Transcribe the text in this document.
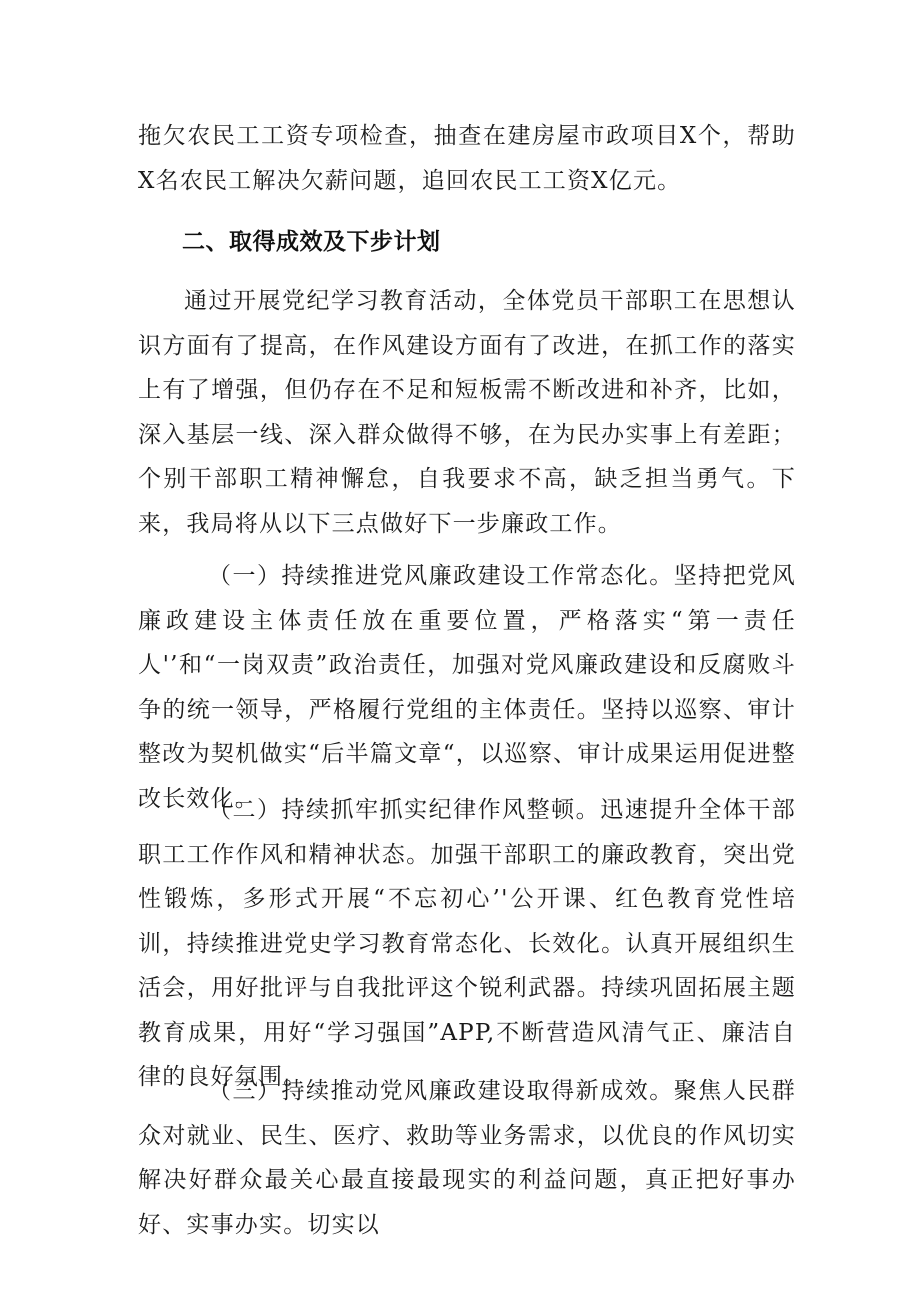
拖欠农民工工资专项检查，抽查在建房屋市政项目X个，帮助X名农民工解决欠薪问题，追回农民工工资X亿元。

二、取得成效及下步计划

通过开展党纪学习教育活动，全体党员干部职工在思想认识方面有了提高，在作风建设方面有了改进，在抓工作的落实上有了增强，但仍存在不足和短板需不断改进和补齐，比如，深入基层一线、深入群众做得不够，在为民办实事上有差距；个别干部职工精神懈怠，自我要求不高，缺乏担当勇气。下来，我局将从以下三点做好下一步廉政工作。

（一）持续推进党风廉政建设工作常态化。坚持把党风廉政建设主体责任放在重要位置，严格落实“第一责任人'’和“一岗双责”政治责任，加强对党风廉政建设和反腐败斗争的统一领导，严格履行党组的主体责任。坚持以巡察、审计整改为契机做实“后半篇文章“，以巡察、审计成果运用促进整改长效化。

（二）持续抓牢抓实纪律作风整顿。迅速提升全体干部职工工作作风和精神状态。加强干部职工的廉政教育，突出党性锻炼，多形式开展“不忘初心’'公开课、红色教育党性培训，持续推进党史学习教育常态化、长效化。认真开展组织生活会，用好批评与自我批评这个锐利武器。持续巩固拓展主题教育成果，用好“学习强国”APP,不断营造风清气正、廉洁自律的良好氛围。

（三）持续推动党风廉政建设取得新成效。聚焦人民群众对就业、民生、医疗、救助等业务需求，以优良的作风切实解决好群众最关心最直接最现实的利益问题，真正把好事办好、实事办实。切实以
